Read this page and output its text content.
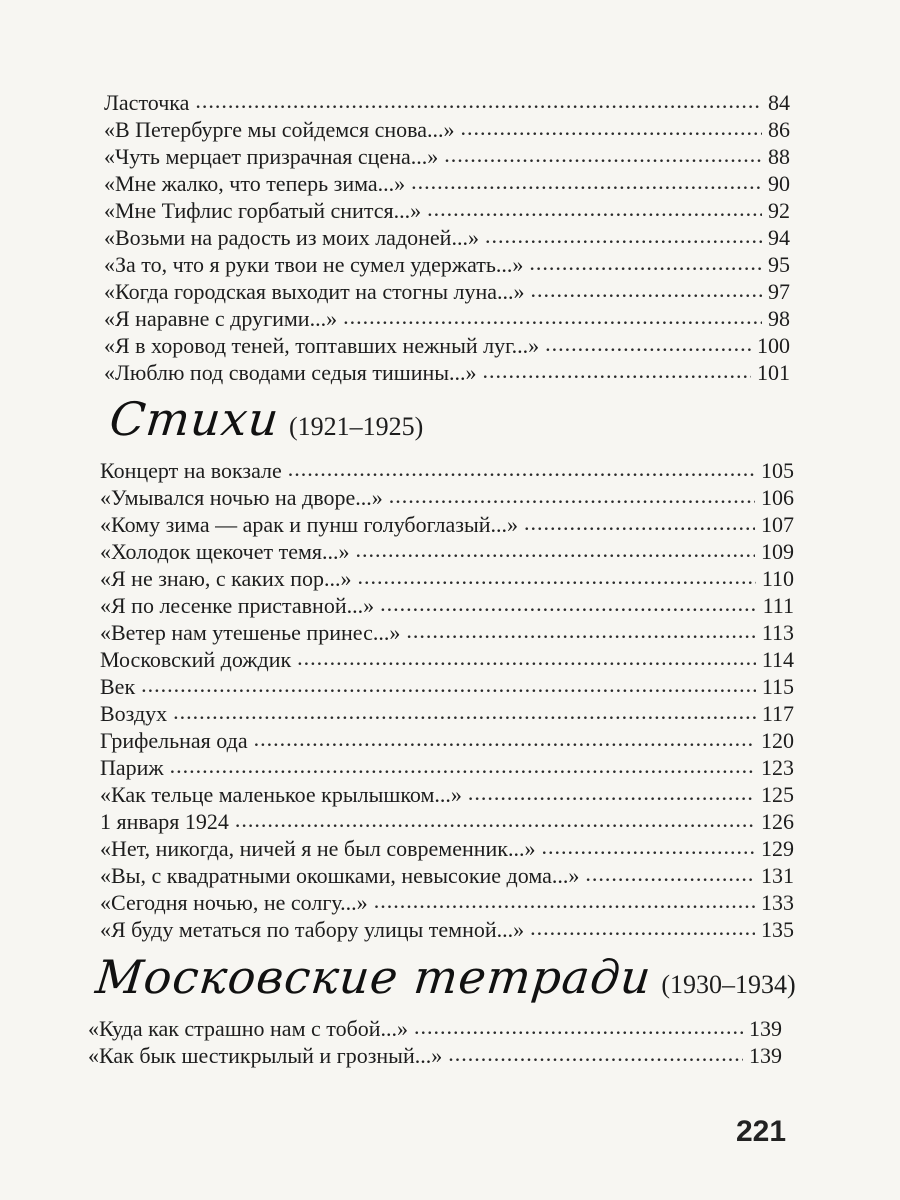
Ласточка .....	84
«В Петербурге мы сойдемся снова...» .....	86
«Чуть мерцает призрачная сцена...» .....	88
«Мне жалко, что теперь зима...» .....	90
«Мне Тифлис горбатый снится...» .....	92
«Возьми на радость из моих ладоней...» .....	94
«За то, что я руки твои не сумел удержать...» .....	95
«Когда городская выходит на стогны луна...» .....	97
«Я наравне с другими...» .....	98
«Я в хоровод теней, топтавших нежный луг...» .....	100
«Люблю под сводами седыя тишины...» .....	101
Стихи (1921–1925)
Концерт на вокзале .....	105
«Умывался ночью на дворе...» .....	106
«Кому зима — арак и пунш голубоглазый...» .....	107
«Холодок щекочет темя...» .....	109
«Я не знаю, с каких пор...» .....	110
«Я по лесенке приставной...» .....	111
«Ветер нам утешенье принес...» .....	113
Московский дождик .....	114
Век .....	115
Воздух .....	117
Грифельная ода .....	120
Париж .....	123
«Как тельце маленькое крылышком...» .....	125
1 января 1924 .....	126
«Нет, никогда, ничей я не был современник...» .....	129
«Вы, с квадратными окошками, невысокие дома...» .....	131
«Сегодня ночью, не солгу...» .....	133
«Я буду метаться по табору улицы темной...» .....	135
Московские тетради (1930–1934)
«Куда как страшно нам с тобой...» .....	139
«Как бык шестикрылый и грозный...» .....	139
221
